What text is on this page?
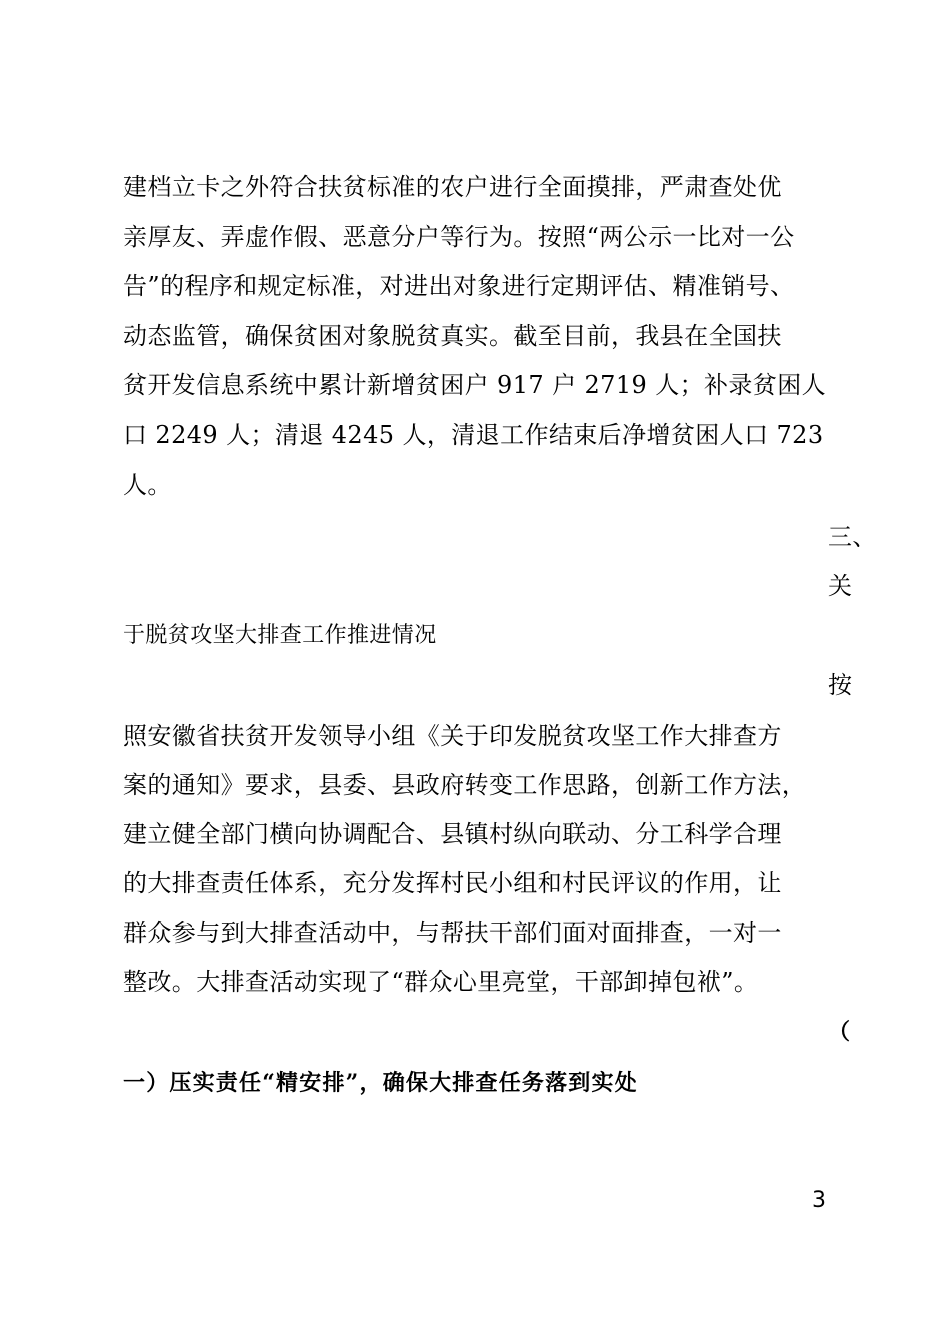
建档立卡之外符合扶贫标准的农户进行全面摸排，严肃查处优
亲厚友、弄虚作假、恶意分户等行为。按照“两公示一比对一公
告”的程序和规定标准，对进出对象进行定期评估、精准销号、
动态监管，确保贫困对象脱贫真实。截至目前，我县在全国扶
贫开发信息系统中累计新增贫困户 917 户 2719 人；补录贫困人
口 2249 人；清退 4245 人，清退工作结束后净增贫困人口 723
人。
三、
关
于脱贫攻坚大排查工作推进情况
按
照安徽省扶贫开发领导小组《关于印发脱贫攻坚工作大排查方
案的通知》要求，县委、县政府转变工作思路，创新工作方法，
建立健全部门横向协调配合、县镇村纵向联动、分工科学合理
的大排查责任体系，充分发挥村民小组和村民评议的作用，让
群众参与到大排查活动中，与帮扶干部们面对面排查，一对一
整改。大排查活动实现了“群众心里亮堂，干部卸掉包袱”。
（
一）压实责任“精安排”，确保大排查任务落到实处
3
